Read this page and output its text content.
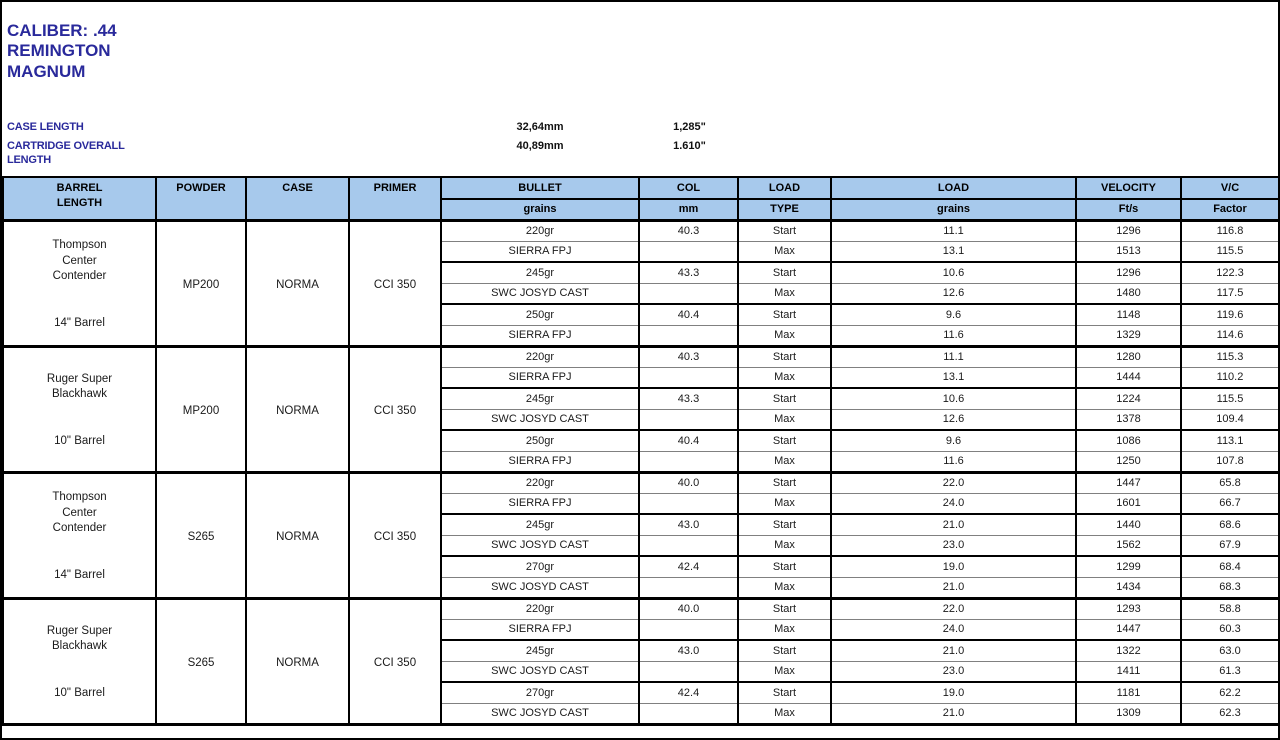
CALIBER: .44
REMINGTON
MAGNUM
CASE LENGTH	32,64mm	1,285"
CARTRIDGE OVERALL LENGTH
40,89mm	1.610"
BARREL
LENGTH	POWDER	CASE	PRIMER	BULLET	COL	LOAD	LOAD	VELOCITY	V/C
				grains	mm	TYPE	grains	Ft/s	Factor

Thompson
Center
Contender

14" Barrel	MP200	NORMA	CCI 350	220gr	40.3	Start	11.1	1296	116.8
				SIERRA FPJ		Max	13.1	1513	115.5
				245gr	43.3	Start	10.6	1296	122.3
				SWC JOSYD CAST		Max	12.6	1480	117.5
				250gr	40.4	Start	9.6	1148	119.6
				SIERRA FPJ		Max	11.6	1329	114.6

Ruger Super
Blackhawk

10" Barrel	MP200	NORMA	CCI 350	220gr	40.3	Start	11.1	1280	115.3
				SIERRA FPJ		Max	13.1	1444	110.2
				245gr	43.3	Start	10.6	1224	115.5
				SWC JOSYD CAST		Max	12.6	1378	109.4
				250gr	40.4	Start	9.6	1086	113.1
				SIERRA FPJ		Max	11.6	1250	107.8

Thompson
Center
Contender

14" Barrel	S265	NORMA	CCI 350	220gr	40.0	Start	22.0	1447	65.8
				SIERRA FPJ		Max	24.0	1601	66.7
				245gr	43.0	Start	21.0	1440	68.6
				SWC JOSYD CAST		Max	23.0	1562	67.9
				270gr	42.4	Start	19.0	1299	68.4
				SWC JOSYD CAST		Max	21.0	1434	68.3

Ruger Super
Blackhawk

10" Barrel	S265	NORMA	CCI 350	220gr	40.0	Start	22.0	1293	58.8
				SIERRA FPJ		Max	24.0	1447	60.3
				245gr	43.0	Start	21.0	1322	63.0
				SWC JOSYD CAST		Max	23.0	1411	61.3
				270gr	42.4	Start	19.0	1181	62.2
				SWC JOSYD CAST		Max	21.0	1309	62.3
